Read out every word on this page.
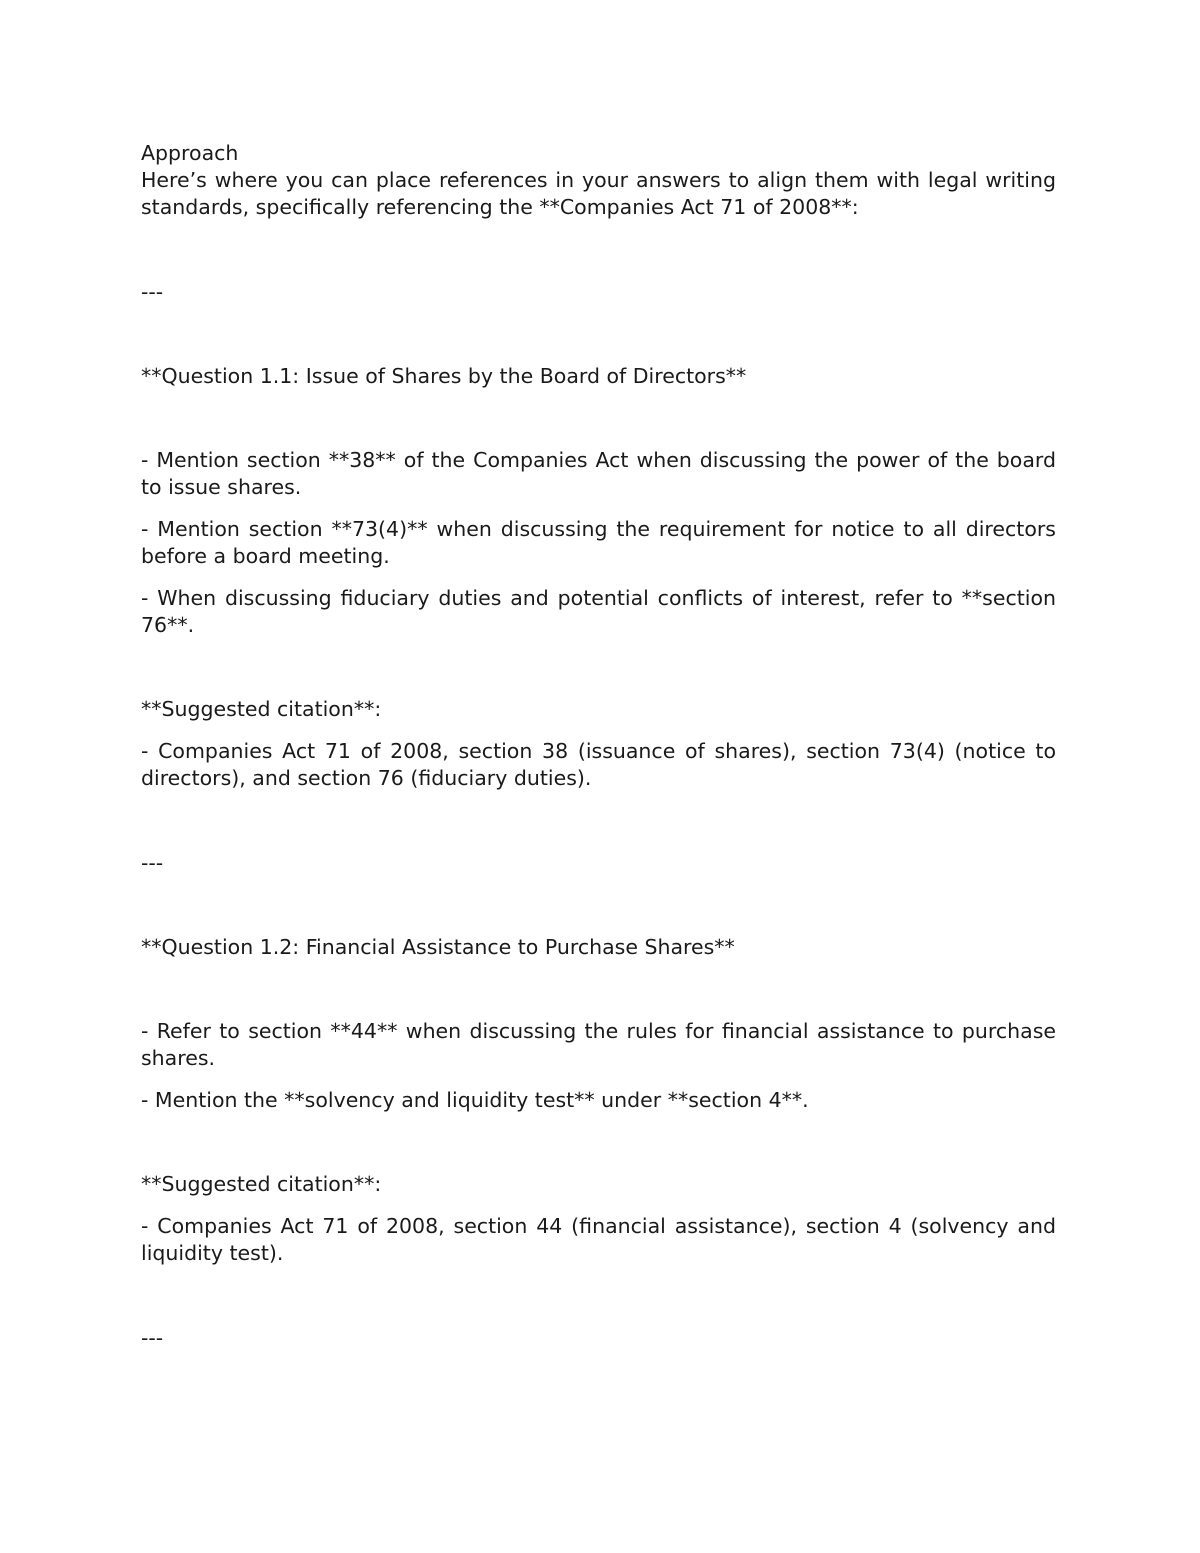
Approach

Here’s where you can place references in your answers to align them with legal writing standards, specifically referencing the **Companies Act 71 of 2008**:

---

**Question 1.1: Issue of Shares by the Board of Directors**

- Mention section **38** of the Companies Act when discussing the power of the board to issue shares.

- Mention section **73(4)** when discussing the requirement for notice to all directors before a board meeting.

- When discussing fiduciary duties and potential conflicts of interest, refer to **section 76**.

**Suggested citation**:

- Companies Act 71 of 2008, section 38 (issuance of shares), section 73(4) (notice to directors), and section 76 (fiduciary duties).

---

**Question 1.2: Financial Assistance to Purchase Shares**

- Refer to section **44** when discussing the rules for financial assistance to purchase shares.

- Mention the **solvency and liquidity test** under **section 4**.

**Suggested citation**:

- Companies Act 71 of 2008, section 44 (financial assistance), section 4 (solvency and liquidity test).

---
